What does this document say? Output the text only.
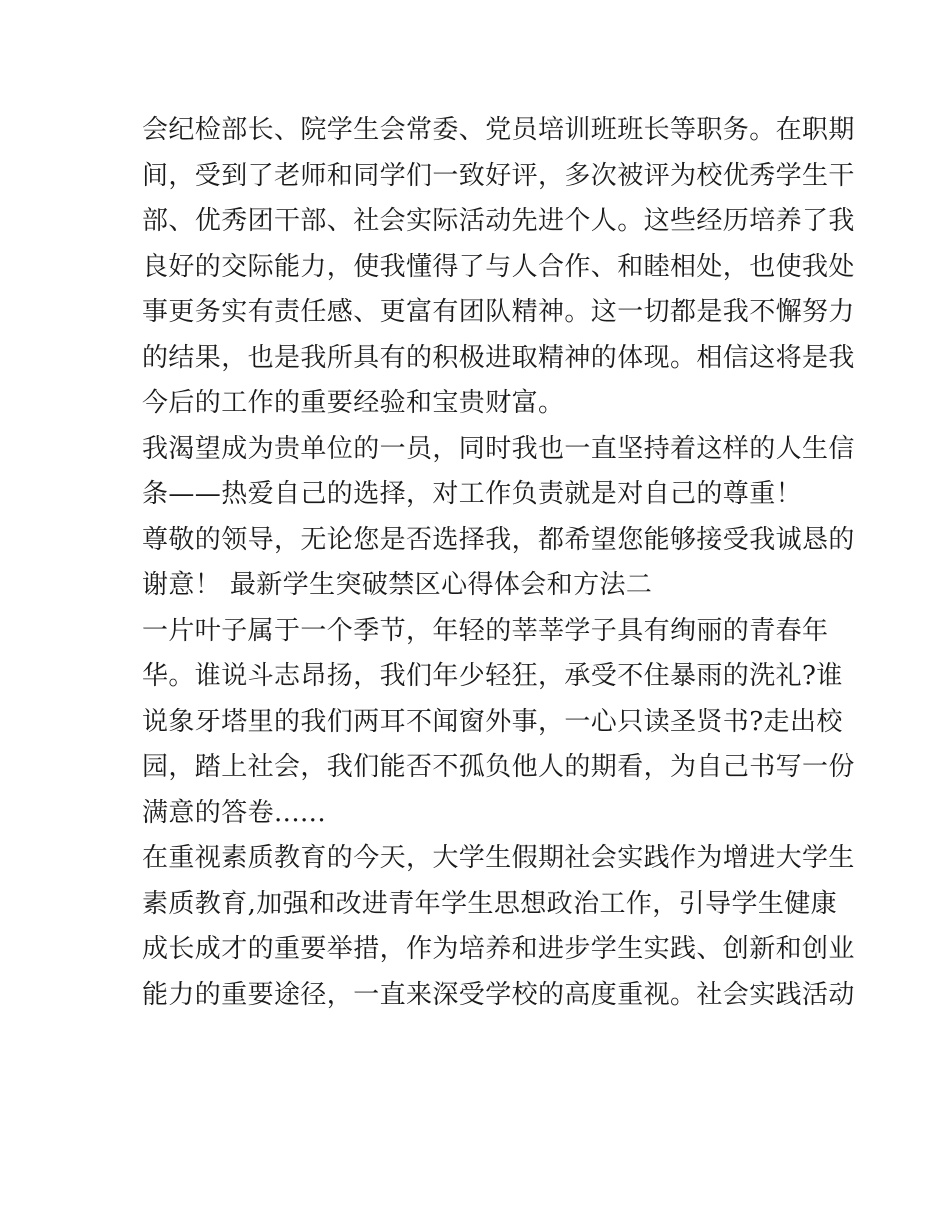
会纪检部长、院学生会常委、党员培训班班长等职务。在职期
间，受到了老师和同学们一致好评，多次被评为校优秀学生干
部、优秀团干部、社会实际活动先进个人。这些经历培养了我
良好的交际能力，使我懂得了与人合作、和睦相处，也使我处
事更务实有责任感、更富有团队精神。这一切都是我不懈努力
的结果，也是我所具有的积极进取精神的体现。相信这将是我
今后的工作的重要经验和宝贵财富。
我渴望成为贵单位的一员，同时我也一直坚持着这样的人生信
条——热爱自己的选择，对工作负责就是对自己的尊重！
尊敬的领导，无论您是否选择我，都希望您能够接受我诚恳的
谢意！ 最新学生突破禁区心得体会和方法二
一片叶子属于一个季节，年轻的莘莘学子具有绚丽的青春年
华。谁说斗志昂扬，我们年少轻狂，承受不住暴雨的洗礼?谁
说象牙塔里的我们两耳不闻窗外事，一心只读圣贤书?走出校
园，踏上社会，我们能否不孤负他人的期看，为自己书写一份
满意的答卷......
在重视素质教育的今天，大学生假期社会实践作为增进大学生
素质教育,加强和改进青年学生思想政治工作，引导学生健康
成长成才的重要举措，作为培养和进步学生实践、创新和创业
能力的重要途径，一直来深受学校的高度重视。社会实践活动
